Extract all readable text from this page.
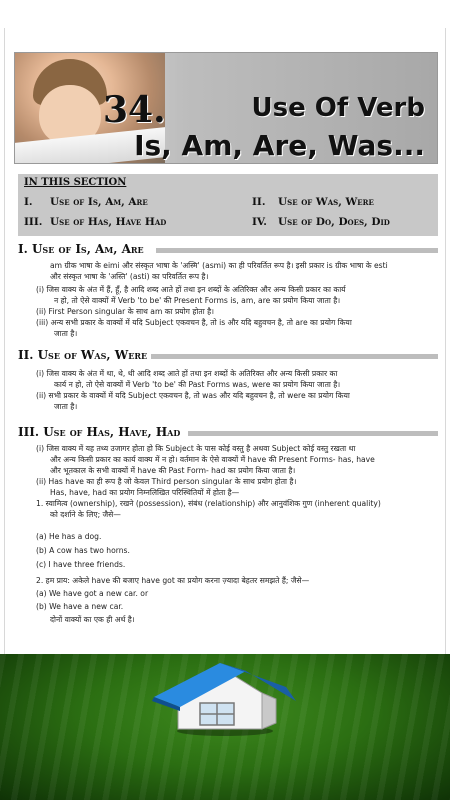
34.	Use Of Verb
Is, Am, Are, Was...
IN THIS SECTION
I. Use of Is, Am, Are	II. Use of Was, Were
III. Use of Has, Have Had	IV. Use of Do, Does, Did
I. Use of Is, Am, Are
am ग्रीक भाषा के eimi और संस्कृत भाषा के 'अस्मि' (asmi) का ही परिवर्तित रूप है। इसी प्रकार is ग्रीक भाषा के esti
और संस्कृत भाषा के 'अस्ति' (asti) का परिवर्तित रूप है।
(i) जिस वाक्य के अंत में हैं, हूँ, है आदि शब्द आते हों तथा इन शब्दों के अतिरिक्त और अन्य किसी प्रकार का कार्य
न हो, तो ऐसे वाक्यों में Verb 'to be' की Present Forms is, am, are का प्रयोग किया जाता है।
(ii) First Person singular के साथ am का प्रयोग होता है।
(iii) अन्य सभी प्रकार के वाक्यों में यदि Subject एकवचन है, तो is और यदि बहुवचन है, तो are का प्रयोग किया
जाता है।
II. Use of Was, Were
(i) जिस वाक्य के अंत में था, थे, थी आदि शब्द आते हों तथा इन शब्दों के अतिरिक्त और अन्य किसी प्रकार का
कार्य न हो, तो ऐसे वाक्यों में Verb 'to be' की Past Forms was, were का प्रयोग किया जाता है।
(ii) सभी प्रकार के वाक्यों में यदि Subject एकवचन है, तो was और यदि बहुवचन है, तो were का प्रयोग किया
जाता है।
III. Use of Has, Have, Had
(i) जिस वाक्य में यह तथ्य उजागर होता हो कि Subject के पास कोई वस्तु है अथवा Subject कोई वस्तु रखता था
और अन्य किसी प्रकार का कार्य वाक्य में न हो। वर्तमान के ऐसे वाक्यों में have की Present Forms- has, have
और भूतकाल के सभी वाक्यों में have की Past Form- had का प्रयोग किया जाता है।
(ii) Has have का ही रूप है जो केवल Third person singular के साथ प्रयोग होता है।
Has, have, had का प्रयोग निम्नलिखित परिस्थितियों में होता है—
1. स्वामित्व (ownership), रखने (possession), संबंध (relationship) और आनुवंशिक गुण (inherent quality)
को दर्शाने के लिए; जैसे—
(a) He has a dog.
(b) A cow has two horns.
(c) I have three friends.
2. हम प्राय: अकेले have की बजाए have got का प्रयोग करना ज़्यादा बेहतर समझते हैं; जैसे—
(a) We have got a new car. or
(b) We have a new car.
दोनों वाक्यों का एक ही अर्थ है।
